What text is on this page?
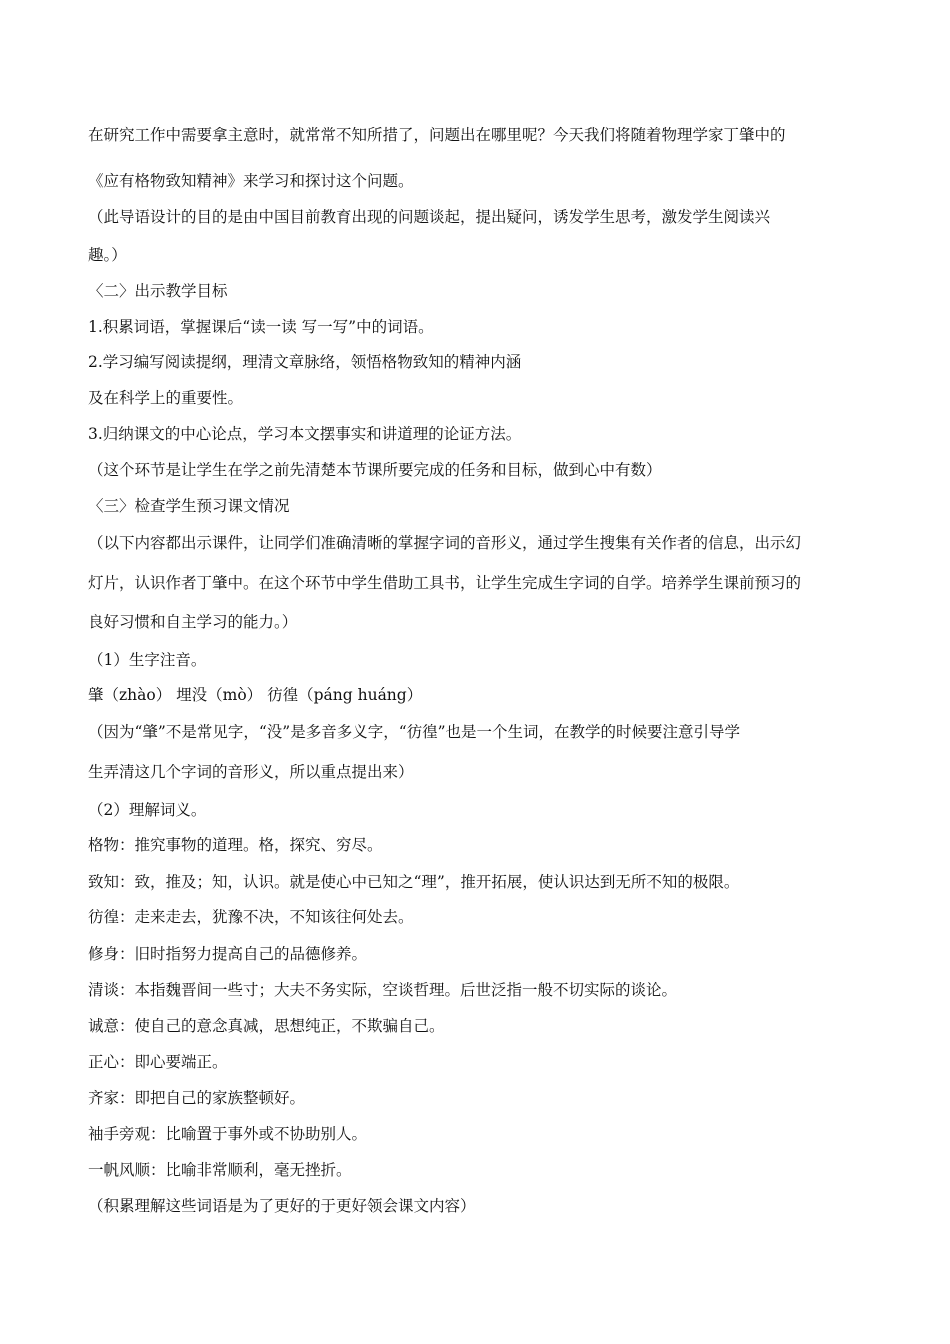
在研究工作中需要拿主意时，就常常不知所措了，问题出在哪里呢？今天我们将随着物理学家丁肇中的
《应有格物致知精神》来学习和探讨这个问题。
（此导语设计的目的是由中国目前教育出现的问题谈起，提出疑问，诱发学生思考，激发学生阅读兴
趣。）
〈二〉出示教学目标
1.积累词语，掌握课后“读一读 写一写”中的词语。
2.学习编写阅读提纲，理清文章脉络，领悟格物致知的精神内涵
及在科学上的重要性。
3.归纳课文的中心论点，学习本文摆事实和讲道理的论证方法。
（这个环节是让学生在学之前先清楚本节课所要完成的任务和目标，做到心中有数）
〈三〉检查学生预习课文情况
（以下内容都出示课件，让同学们准确清晰的掌握字词的音形义，通过学生搜集有关作者的信息，出示幻
灯片，认识作者丁肇中。在这个环节中学生借助工具书，让学生完成生字词的自学。培养学生课前预习的
良好习惯和自主学习的能力。）
（1）生字注音。
肇（zhào） 埋没（mò） 彷徨（páng huáng）
（因为“肇”不是常见字，“没”是多音多义字，“彷徨”也是一个生词，在教学的时候要注意引导学
生弄清这几个字词的音形义，所以重点提出来）
（2）理解词义。
格物：推究事物的道理。格，探究、穷尽。
致知：致，推及；知，认识。就是使心中已知之“理”，推开拓展，使认识达到无所不知的极限。
彷徨：走来走去，犹豫不决，不知该往何处去。
修身：旧时指努力提高自己的品德修养。
清谈：本指魏晋间一些寸；大夫不务实际，空谈哲理。后世泛指一般不切实际的谈论。
诚意：使自己的意念真减，思想纯正，不欺骗自己。
正心：即心要端正。
齐家：即把自己的家族整顿好。
袖手旁观：比喻置于事外或不协助别人。
一帆风顺：比喻非常顺利，毫无挫折。
（积累理解这些词语是为了更好的于更好领会课文内容）
